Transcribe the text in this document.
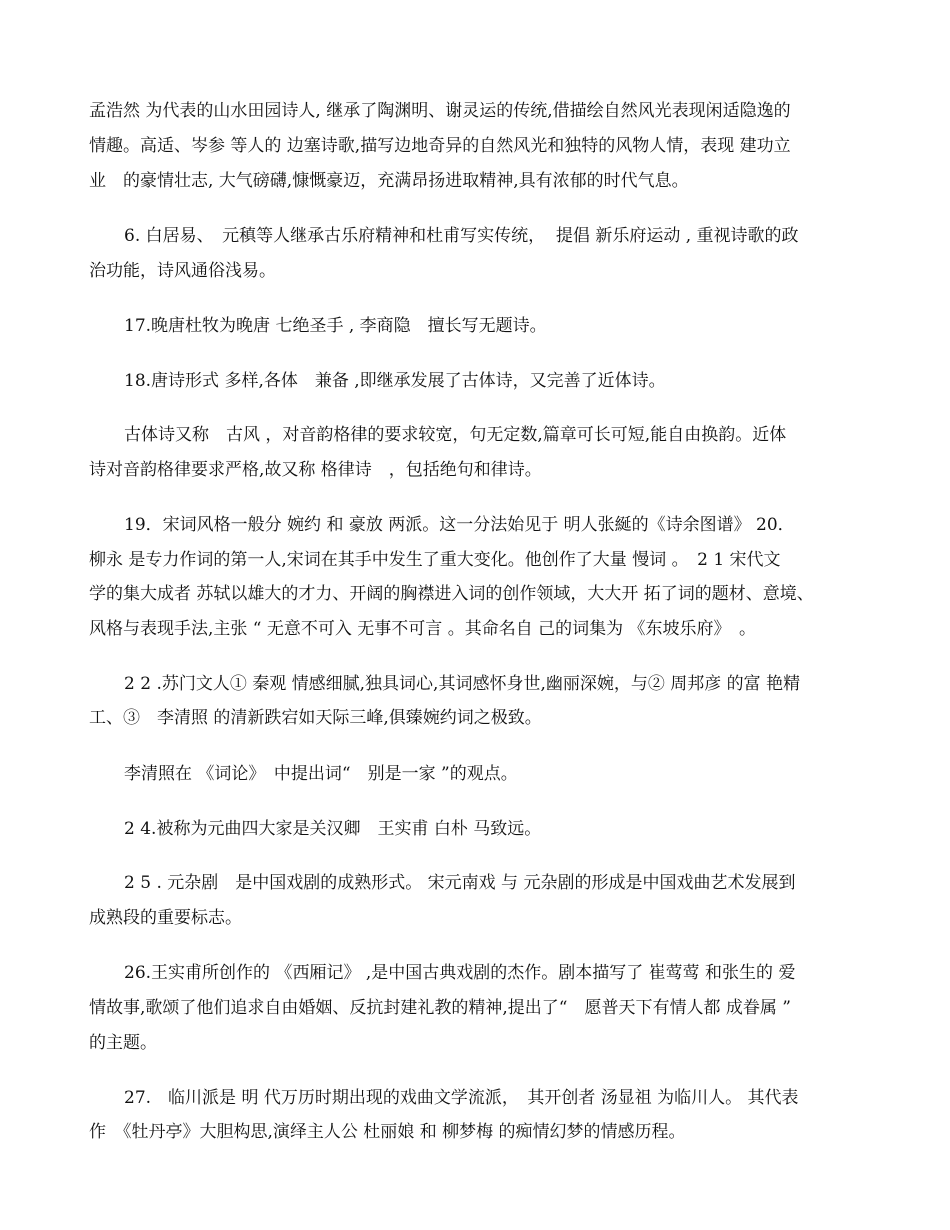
孟浩然 为代表的山水田园诗人, 继承了陶渊明、谢灵运的传统,借描绘自然风光表现闲适隐逸的
情趣。高适、岑参 等人的 边塞诗歌,描写边地奇异的自然风光和独特的风物人情，表现 建功立
业　的豪情壮志, 大气磅礴,慷慨豪迈，充满昂扬进取精神,具有浓郁的时代气息。
6. 白居易、　元稹等人继承古乐府精神和杜甫写实传统，  提倡 新乐府运动 , 重视诗歌的政
治功能，诗风通俗浅易。
17.晚唐杜牧为晚唐 七绝圣手 , 李商隐　擅长写无题诗。
18.唐诗形式 多样,各体　兼备 ,即继承发展了古体诗，又完善了近体诗。
古体诗又称　古风 ，对音韵格律的要求较宽，句无定数,篇章可长可短,能自由换韵。近体
诗对音韵格律要求严格,故又称 格律诗　，包括绝句和律诗。
19．宋词风格一般分 婉约 和 豪放 两派。这一分法始见于 明人张綖的《诗余图谱》 20．
柳永 是专力作词的第一人,宋词在其手中发生了重大变化。他创作了大量 慢词 。　2 1 宋代文
学的集大成者 苏轼以雄大的才力、开阔的胸襟进入词的创作领域，大大开 拓了词的题材、意境、
风格与表现手法,主张 “ 无意不可入 无事不可言 。其命名自 己的词集为 《东坡乐府》　。
2 2 .苏门文人① 秦观 情感细腻,独具词心,其词感怀身世,幽丽深婉，与② 周邦彦 的富 艳精
工、③　李清照 的清新跌宕如天际三峰,俱臻婉约词之极致。
李清照在 《词论》　中提出词“　别是一家 ”的观点。
2 4.被称为元曲四大家是关汉卿　王实甫 白朴 马致远。
2 5 . 元杂剧　是中国戏剧的成熟形式。 宋元南戏 与 元杂剧的形成是中国戏曲艺术发展到
成熟段的重要标志。
26.王实甫所创作的 《西厢记》 ,是中国古典戏剧的杰作。剧本描写了 崔莺莺 和张生的 爱
情故事,歌颂了他们追求自由婚姻、反抗封建礼教的精神,提出了“　愿普天下有情人都 成眷属 ”
的主题。
27.　临川派是 明 代万历时期出现的戏曲文学流派，　其开创者 汤显祖 为临川人。 其代表
作　《牡丹亭》大胆构思,演绎主人公 杜丽娘 和 柳梦梅 的痴情幻梦的情感历程。
